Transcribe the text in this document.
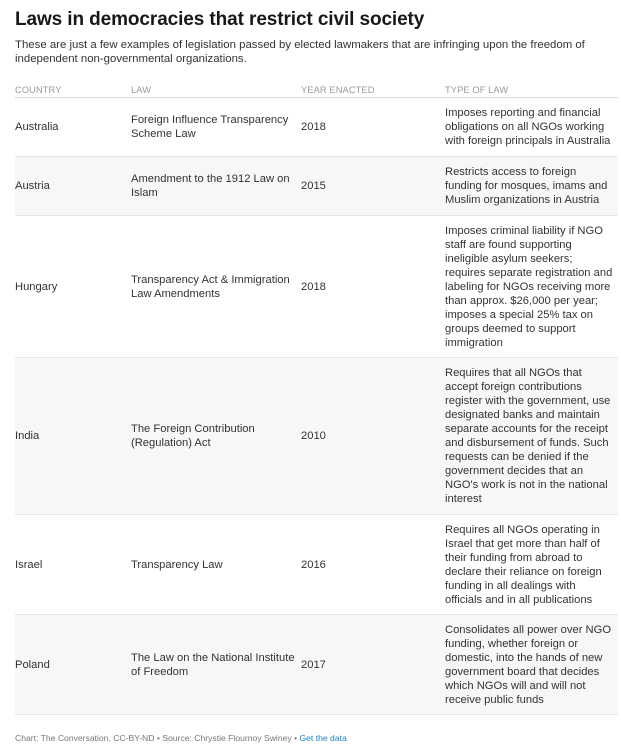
Laws in democracies that restrict civil society
These are just a few examples of legislation passed by elected lawmakers that are infringing upon the freedom of independent non-governmental organizations.
COUNTRY	LAW	YEAR ENACTED	TYPE OF LAW
Australia	Foreign Influence Transparency Scheme Law	2018	Imposes reporting and financial obligations on all NGOs working with foreign principals in Australia
Austria	Amendment to the 1912 Law on Islam	2015	Restricts access to foreign funding for mosques, imams and Muslim organizations in Austria
Hungary	Transparency Act & Immigration Law Amendments	2018	Imposes criminal liability if NGO staff are found supporting ineligible asylum seekers; requires separate registration and labeling for NGOs receiving more than approx. $26,000 per year; imposes a special 25% tax on groups deemed to support immigration
India	The Foreign Contribution (Regulation) Act	2010	Requires that all NGOs that accept foreign contributions register with the government, use designated banks and maintain separate accounts for the receipt and disbursement of funds. Such requests can be denied if the government decides that an NGO's work is not in the national interest
Israel	Transparency Law	2016	Requires all NGOs operating in Israel that get more than half of their funding from abroad to declare their reliance on foreign funding in all dealings with officials and in all publications
Poland	The Law on the National Institute of Freedom	2017	Consolidates all power over NGO funding, whether foreign or domestic, into the hands of new government board that decides which NGOs will and will not receive public funds
Chart: The Conversation, CC-BY-ND • Source: Chrystie Flournoy Swiney • Get the data
